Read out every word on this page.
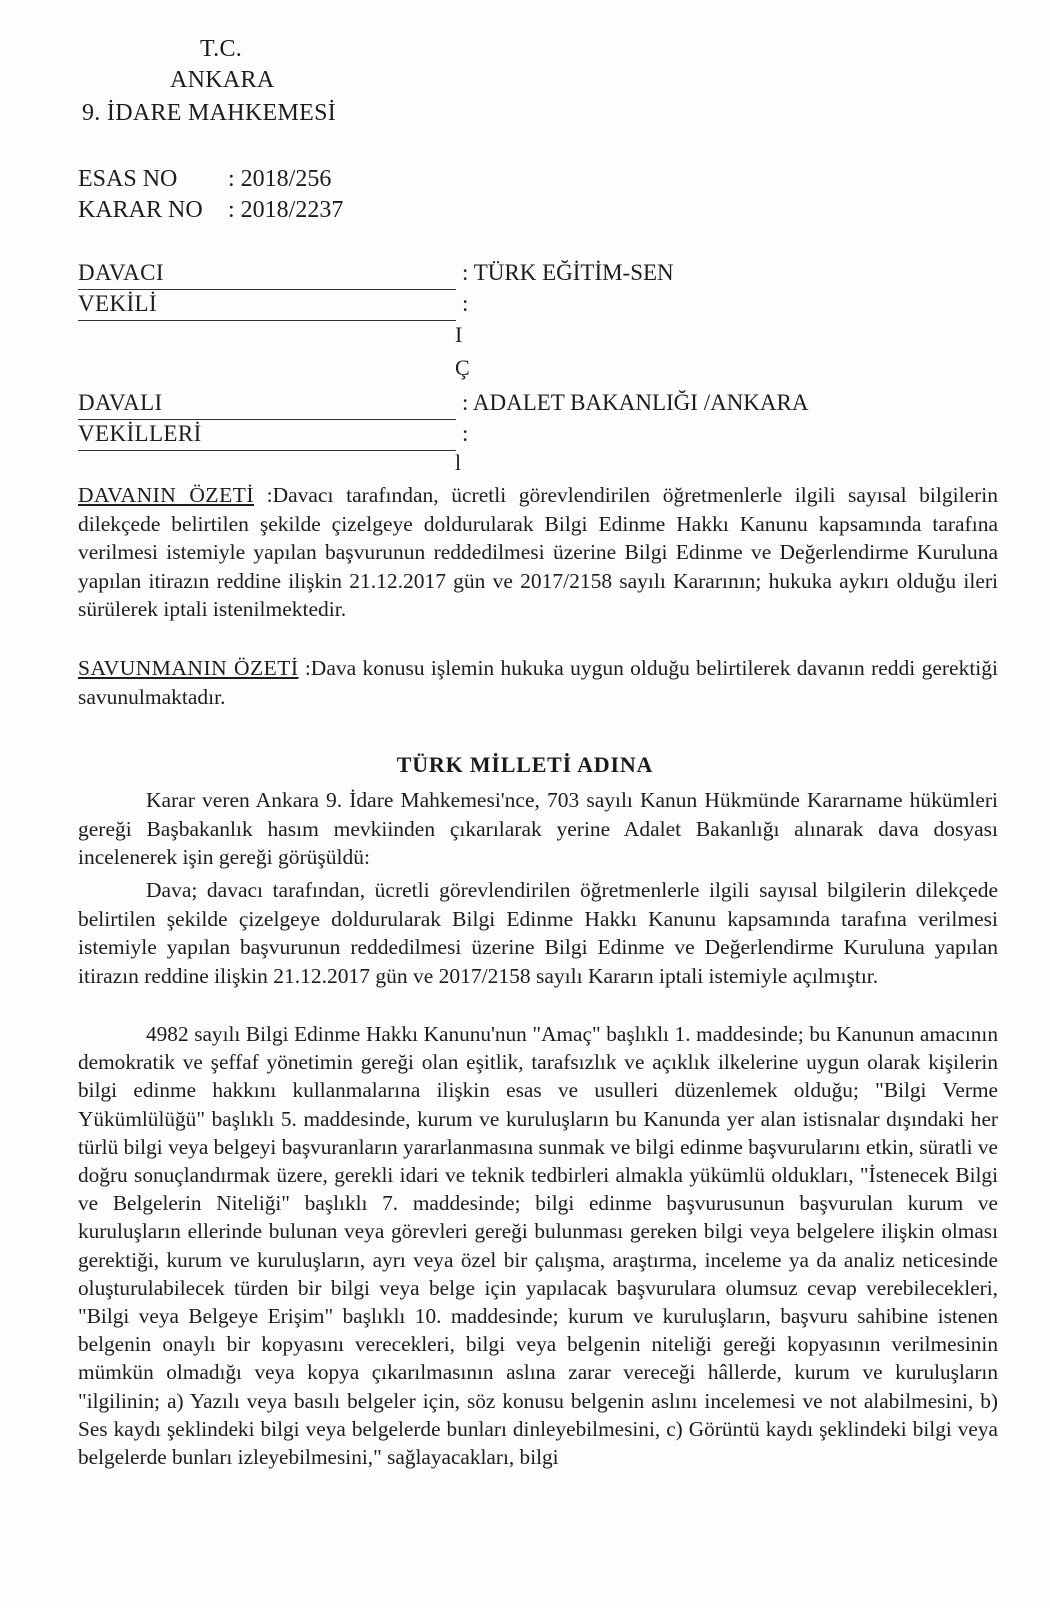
T.C.
ANKARA
9. İDARE MAHKEMESİ
ESAS NO : 2018/256
KARAR NO : 2018/2237
DAVACI	: TÜRK EĞİTİM-SEN
VEKİLİ	:
I
Ç
DAVALI	: ADALET BAKANLIĞI /ANKARA
VEKİLLERİ	:
l

DAVANIN ÖZETİ :Davacı tarafından, ücretli görevlendirilen öğretmenlerle ilgili sayısal bilgilerin dilekçede belirtilen şekilde çizelgeye doldurularak Bilgi Edinme Hakkı Kanunu kapsamında tarafına verilmesi istemiyle yapılan başvurunun reddedilmesi üzerine Bilgi Edinme ve Değerlendirme Kuruluna yapılan itirazın reddine ilişkin 21.12.2017 gün ve 2017/2158 sayılı Kararının; hukuka aykırı olduğu ileri sürülerek iptali istenilmektedir.

SAVUNMANIN ÖZETİ :Dava konusu işlemin hukuka uygun olduğu belirtilerek davanın reddi gerektiği savunulmaktadır.

TÜRK MİLLETİ ADINA

Karar veren Ankara 9. İdare Mahkemesi'nce, 703 sayılı Kanun Hükmünde Kararname hükümleri gereği Başbakanlık hasım mevkiinden çıkarılarak yerine Adalet Bakanlığı alınarak dava dosyası incelenerek işin gereği görüşüldü:

Dava; davacı tarafından, ücretli görevlendirilen öğretmenlerle ilgili sayısal bilgilerin dilekçede belirtilen şekilde çizelgeye doldurularak Bilgi Edinme Hakkı Kanunu kapsamında tarafına verilmesi istemiyle yapılan başvurunun reddedilmesi üzerine Bilgi Edinme ve Değerlendirme Kuruluna yapılan itirazın reddine ilişkin 21.12.2017 gün ve 2017/2158 sayılı Kararın iptali istemiyle açılmıştır.

4982 sayılı Bilgi Edinme Hakkı Kanunu'nun "Amaç" başlıklı 1. maddesinde; bu Kanunun amacının demokratik ve şeffaf yönetimin gereği olan eşitlik, tarafsızlık ve açıklık ilkelerine uygun olarak kişilerin bilgi edinme hakkını kullanmalarına ilişkin esas ve usulleri düzenlemek olduğu; "Bilgi Verme Yükümlülüğü" başlıklı 5. maddesinde, kurum ve kuruluşların bu Kanunda yer alan istisnalar dışındaki her türlü bilgi veya belgeyi başvuranların yararlanmasına sunmak ve bilgi edinme başvurularını etkin, süratli ve doğru sonuçlandırmak üzere, gerekli idari ve teknik tedbirleri almakla yükümlü oldukları, "İstenecek Bilgi ve Belgelerin Niteliği" başlıklı 7. maddesinde; bilgi edinme başvurusunun başvurulan kurum ve kuruluşların ellerinde bulunan veya görevleri gereği bulunması gereken bilgi veya belgelere ilişkin olması gerektiği, kurum ve kuruluşların, ayrı veya özel bir çalışma, araştırma, inceleme ya da analiz neticesinde oluşturulabilecek türden bir bilgi veya belge için yapılacak başvurulara olumsuz cevap verebilecekleri, "Bilgi veya Belgeye Erişim" başlıklı 10. maddesinde; kurum ve kuruluşların, başvuru sahibine istenen belgenin onaylı bir kopyasını verecekleri, bilgi veya belgenin niteliği gereği kopyasının verilmesinin mümkün olmadığı veya kopya çıkarılmasının aslına zarar vereceği hâllerde, kurum ve kuruluşların "ilgilinin; a) Yazılı veya basılı belgeler için, söz konusu belgenin aslını incelemesi ve not alabilmesini, b) Ses kaydı şeklindeki bilgi veya belgelerde bunları dinleyebilmesini, c) Görüntü kaydı şeklindeki bilgi veya belgelerde bunları izleyebilmesini," sağlayacakları, bilgi
